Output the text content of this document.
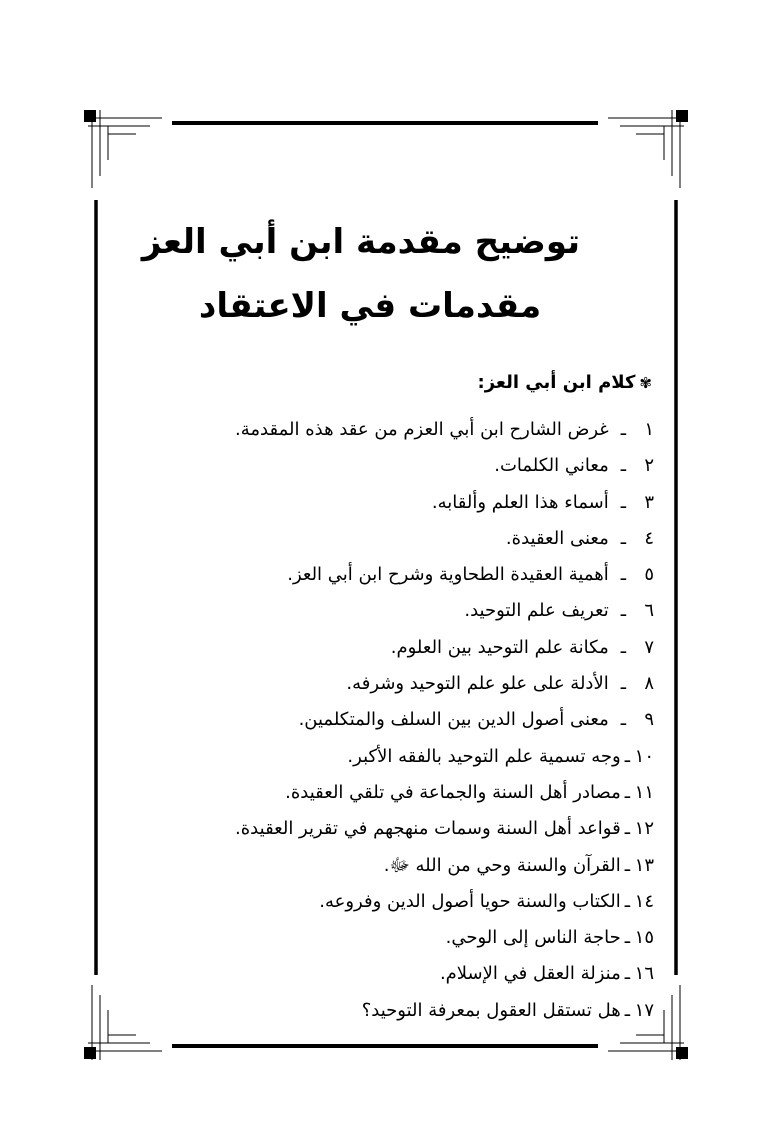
توضيح مقدمة ابن أبي العز
مقدمات في الاعتقاد
✾
كلام ابن أبي العز:
١
ـ
غرض الشارح ابن أبي العزم من عقد هذه المقدمة.
٢
ـ
معاني الكلمات.
٣
ـ
أسماء هذا العلم وألقابه.
٤
ـ
معنى العقيدة.
٥
ـ
أهمية العقيدة الطحاوية وشرح ابن أبي العز.
٦
ـ
تعريف علم التوحيد.
٧
ـ
مكانة علم التوحيد بين العلوم.
٨
ـ
الأدلة على علو علم التوحيد وشرفه.
٩
ـ
معنى أصول الدين بين السلف والمتكلمين.
١٠
ـ
وجه تسمية علم التوحيد بالفقه الأكبر.
١١
ـ
مصادر أهل السنة والجماعة في تلقي العقيدة.
١٢
ـ
قواعد أهل السنة وسمات منهجهم في تقرير العقيدة.
١٣
ـ
القرآن والسنة وحي من الله ﷻ.
١٤
ـ
الكتاب والسنة حويا أصول الدين وفروعه.
١٥
ـ
حاجة الناس إلى الوحي.
١٦
ـ
منزلة العقل في الإسلام.
١٧
ـ
هل تستقل العقول بمعرفة التوحيد؟
